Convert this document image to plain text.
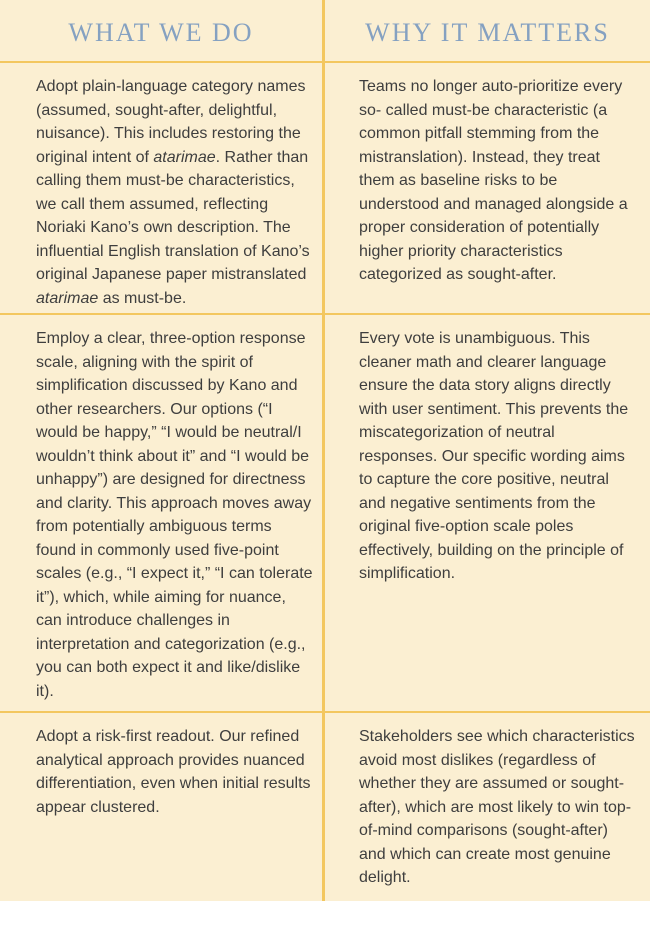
WHAT WE DO	WHY IT MATTERS
Adopt plain-language category names (assumed, sought-after, delightful, nuisance). This includes restoring the original intent of atarimae. Rather than calling them must-be characteristics, we call them assumed, reflecting Noriaki Kano’s own description. The influential English translation of Kano’s original Japanese paper mistranslated atarimae as must-be.
Teams no longer auto-prioritize every so- called must-be characteristic (a common pitfall stemming from the mistranslation). Instead, they treat them as baseline risks to be understood and managed alongside a proper consideration of potentially higher priority characteristics categorized as sought-after.
Employ a clear, three-option response scale, aligning with the spirit of simplification discussed by Kano and other researchers. Our options (“I would be happy,” “I would be neutral/I wouldn’t think about it” and “I would be unhappy”) are designed for directness and clarity. This approach moves away from potentially ambiguous terms found in commonly used five-point scales (e.g., “I expect it,” “I can tolerate it”), which, while aiming for nuance, can introduce challenges in interpretation and categorization (e.g., you can both expect it and like/dislike it).
Every vote is unambiguous. This cleaner math and clearer language ensure the data story aligns directly with user sentiment. This prevents the miscategorization of neutral responses. Our specific wording aims to capture the core positive, neutral and negative sentiments from the original five-option scale poles effectively, building on the principle of simplification.
Adopt a risk-first readout. Our refined analytical approach provides nuanced differentiation, even when initial results appear clustered.
Stakeholders see which characteristics avoid most dislikes (regardless of whether they are assumed or sought-after), which are most likely to win top-of-mind comparisons (sought-after) and which can create most genuine delight.
